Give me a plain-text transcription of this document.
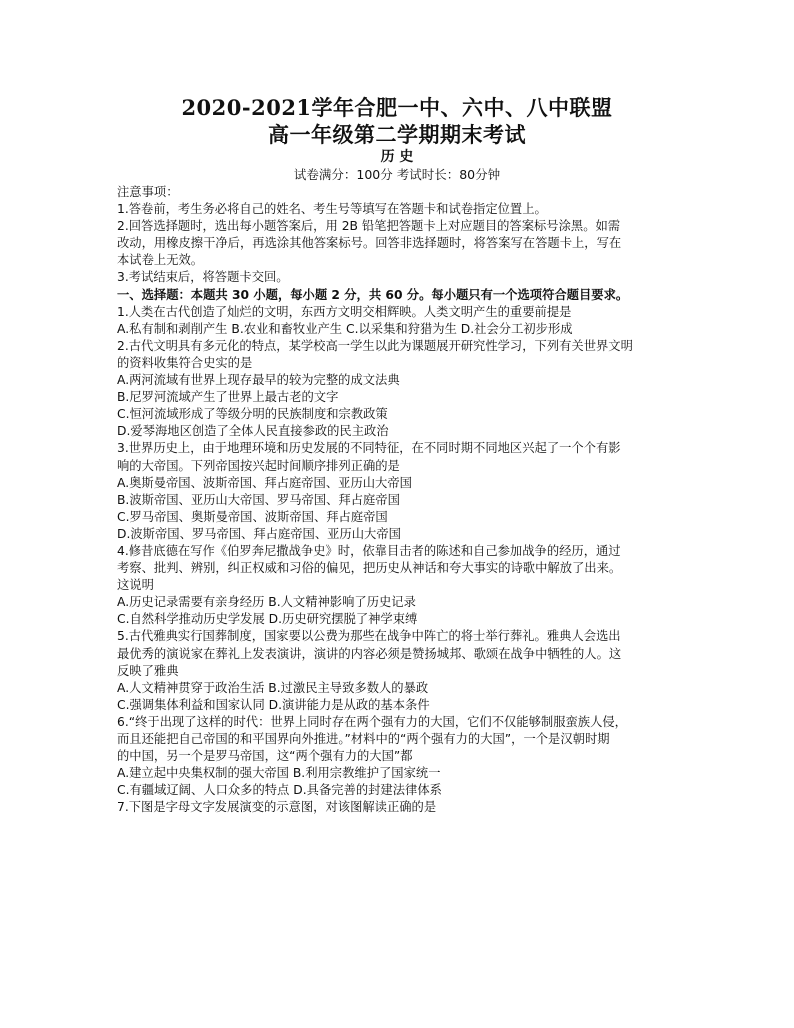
2020-2021学年合肥一中、六中、八中联盟
高一年级第二学期期末考试
历 史
试卷满分：100分 考试时长：80分钟
注意事项：
1.答卷前，考生务必将自己的姓名、考生号等填写在答题卡和试卷指定位置上。
2.回答选择题时，选出每小题答案后，用 2B 铅笔把答题卡上对应题目的答案标号涂黑。如需
改动，用橡皮擦干净后，再选涂其他答案标号。回答非选择题时，将答案写在答题卡上，写在
本试卷上无效。
3.考试结束后，将答题卡交回。
一、选择题：本题共 30 小题，每小题 2 分，共 60 分。每小题只有一个选项符合题目要求。
1.人类在古代创造了灿烂的文明，东西方文明交相辉映。人类文明产生的重要前提是
A.私有制和剥削产生 B.农业和畜牧业产生 C.以采集和狩猎为生 D.社会分工初步形成
2.古代文明具有多元化的特点，某学校高一学生以此为课题展开研究性学习，下列有关世界文明
的资料收集符合史实的是
A.两河流域有世界上现存最早的较为完整的成文法典
B.尼罗河流域产生了世界上最古老的文字
C.恒河流域形成了等级分明的民族制度和宗教政策
D.爱琴海地区创造了全体人民直接参政的民主政治
3.世界历史上，由于地理环境和历史发展的不同特征，在不同时期不同地区兴起了一个个有影
响的大帝国。下列帝国按兴起时间顺序排列正确的是
A.奥斯曼帝国、波斯帝国、拜占庭帝国、亚历山大帝国
B.波斯帝国、亚历山大帝国、罗马帝国、拜占庭帝国
C.罗马帝国、奥斯曼帝国、波斯帝国、拜占庭帝国
D.波斯帝国、罗马帝国、拜占庭帝国、亚历山大帝国
4.修昔底德在写作《伯罗奔尼撒战争史》时，依靠目击者的陈述和自己参加战争的经历，通过
考察、批判、辨别，纠正权威和习俗的偏见，把历史从神话和夸大事实的诗歌中解放了出来。
这说明
A.历史记录需要有亲身经历 B.人文精神影响了历史记录
C.自然科学推动历史学发展 D.历史研究摆脱了神学束缚
5.古代雅典实行国葬制度，国家要以公费为那些在战争中阵亡的将士举行葬礼。雅典人会选出
最优秀的演说家在葬礼上发表演讲，演讲的内容必须是赞扬城邦、歌颂在战争中牺牲的人。这
反映了雅典
A.人文精神贯穿于政治生活 B.过激民主导致多数人的暴政
C.强调集体利益和国家认同 D.演讲能力是从政的基本条件
6.“终于出现了这样的时代：世界上同时存在两个强有力的大国，它们不仅能够制服蛮族人侵，
而且还能把自己帝国的和平国界向外推进。”材料中的“两个强有力的大国”，一个是汉朝时期
的中国，另一个是罗马帝国，这“两个强有力的大国”都
A.建立起中央集权制的强大帝国 B.利用宗教维护了国家统一
C.有疆域辽阔、人口众多的特点 D.具备完善的封建法律体系
7.下图是字母文字发展演变的示意图，对该图解读正确的是
